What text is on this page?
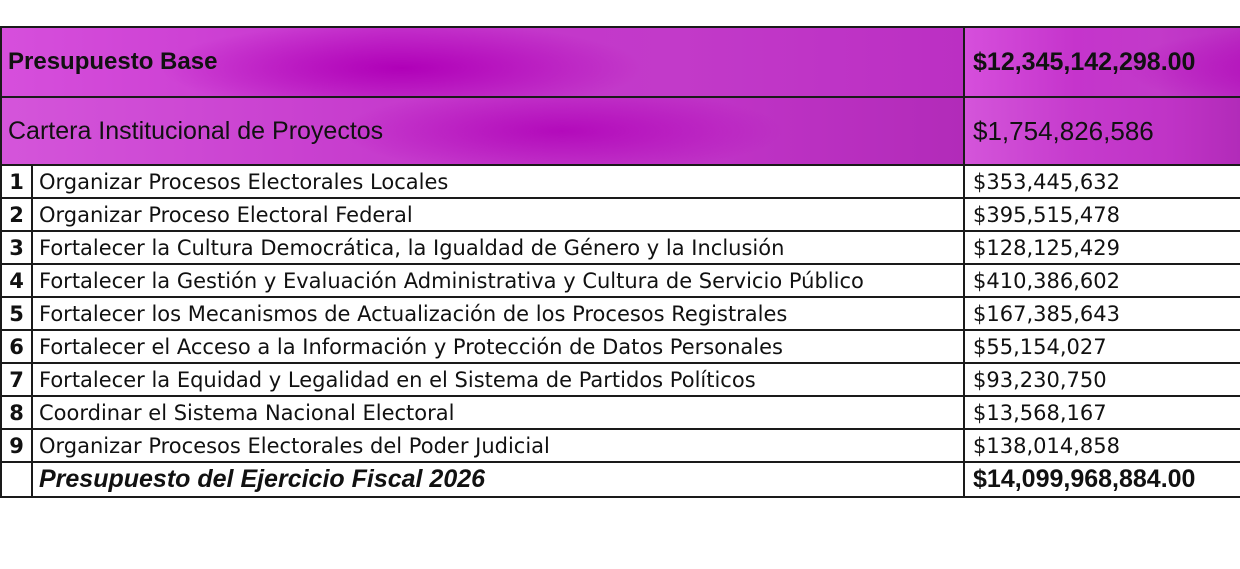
Presupuesto Base		$12,345,142,298.00
Cartera Institucional de Proyectos		$1,754,826,586
1	Organizar Procesos Electorales Locales	$353,445,632
2	Organizar Proceso Electoral Federal	$395,515,478
3	Fortalecer la Cultura Democrática, la Igualdad de Género y la Inclusión	$128,125,429
4	Fortalecer la Gestión y Evaluación Administrativa y Cultura de Servicio Público	$410,386,602
5	Fortalecer los Mecanismos de Actualización de los Procesos Registrales	$167,385,643
6	Fortalecer el Acceso a la Información y Protección de Datos Personales	$55,154,027
7	Fortalecer la Equidad y Legalidad en el Sistema de Partidos Políticos	$93,230,750
8	Coordinar el Sistema Nacional Electoral	$13,568,167
9	Organizar Procesos Electorales del Poder Judicial	$138,014,858
	Presupuesto del Ejercicio Fiscal 2026	$14,099,968,884.00
